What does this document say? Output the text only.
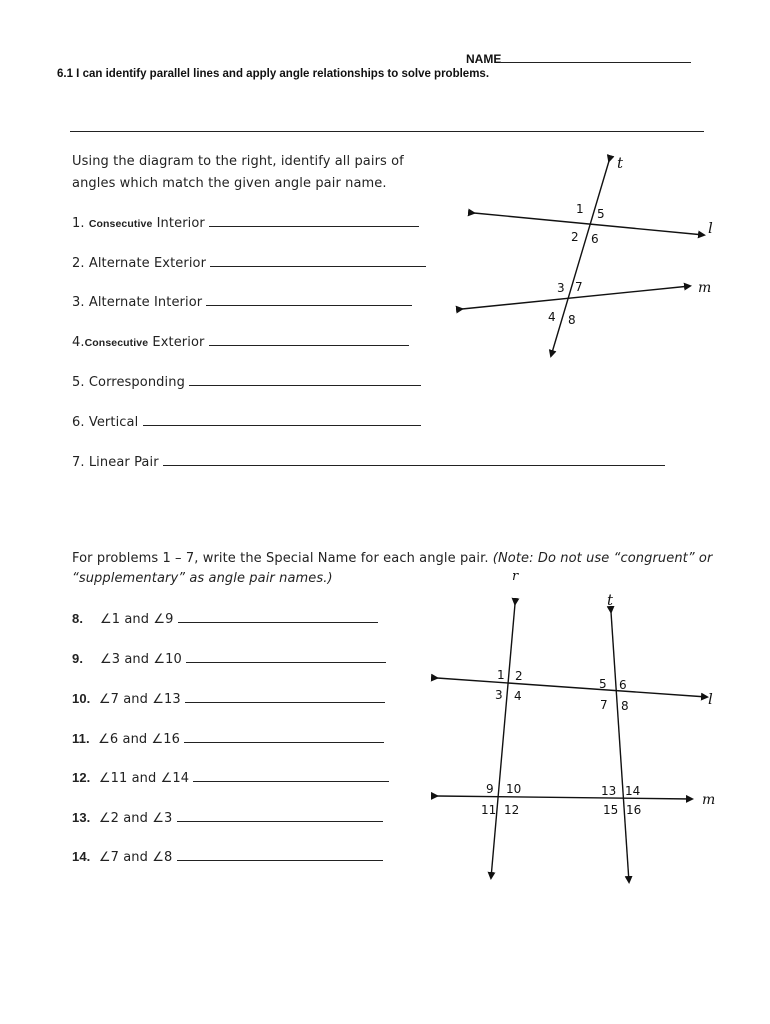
NAME
6.1 I can identify parallel lines and apply angle relationships to solve problems.
Using the diagram to the right, identify all pairs of
angles which match the given angle pair name.
1. Consecutive Interior
2. Alternate Exterior
3. Alternate Interior
4.Consecutive Exterior
5. Corresponding
6. Vertical
7. Linear Pair
t
l
m
1 5
2 6
3 7
4 8
For problems 1 – 7, write the Special Name for each angle pair. (Note: Do not use “congruent” or
“supplementary” as angle pair names.)
8. ∠1 and ∠9
9. ∠3 and ∠10
10. ∠7 and ∠13
11. ∠6 and ∠16
12. ∠11 and ∠14
13. ∠2 and ∠3
14. ∠7 and ∠8
r
t
l
m
1 2
3 4
5 6
7 8
9 10
11 12
13 14
15 16
